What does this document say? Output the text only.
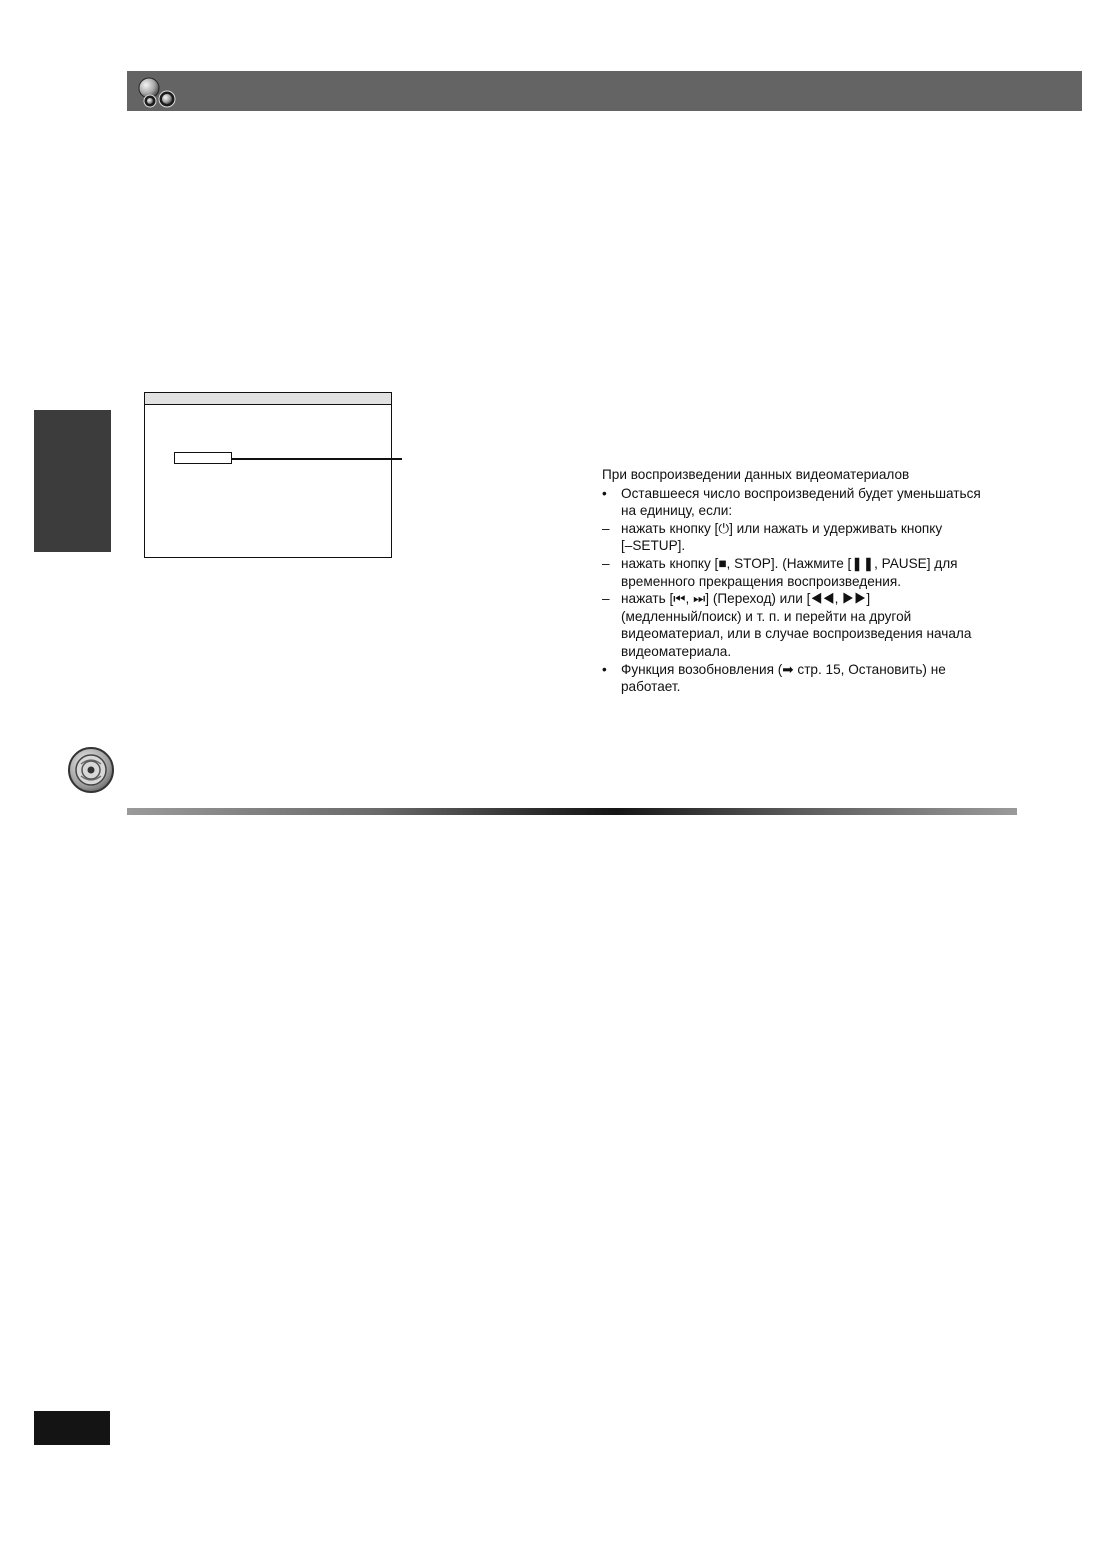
При воспроизведении данных видеоматериалов
•	Оставшееся число воспроизведений будет уменьшаться
на единицу, если:
– нажать кнопку [⏻] или нажать и удерживать кнопку
[–SETUP].
– нажать кнопку [■, STOP]. (Нажмите [❚❚, PAUSE] для
временного прекращения воспроизведения.
– нажать [⏮, ⏭] (Переход) или [◀◀, ▶▶]
(медленный/поиск) и т. п. и перейти на другой
видеоматериал, или в случае воспроизведения начала
видеоматериала.
•	Функция возобновления (➡ стр. 15, Остановить) не
работает.
